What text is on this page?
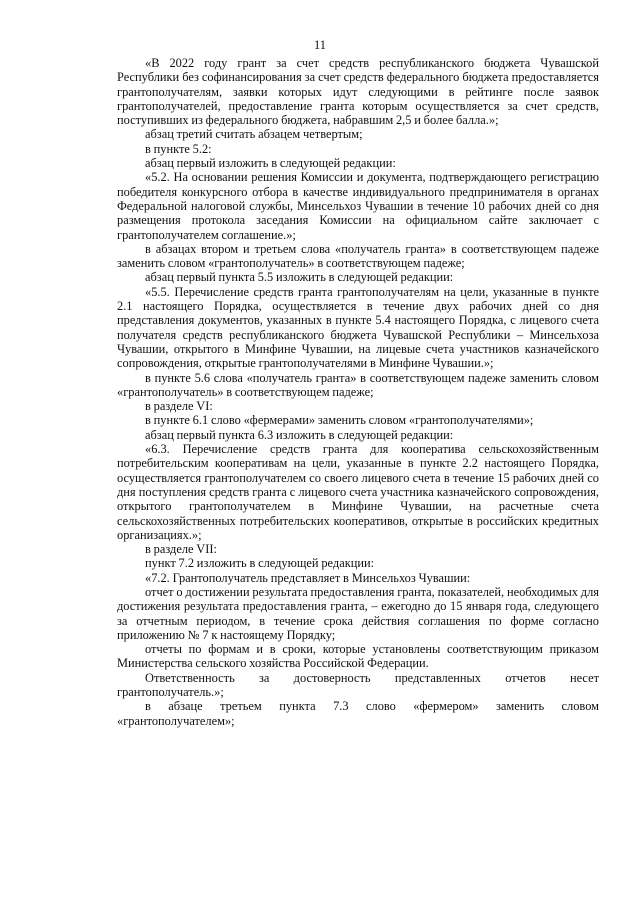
11

«В 2022 году грант за счет средств республиканского бюджета Чувашской Республики без софинансирования за счет средств федерального бюджета предоставляется грантополучателям, заявки которых идут следующими в рейтинге после заявок грантополучателей, предоставление гранта которым осуществляется за счет средств, поступивших из федерального бюджета, набравшим 2,5 и более балла.»;

абзац третий считать абзацем четвертым;

в пункте 5.2:

абзац первый изложить в следующей редакции:

«5.2. На основании решения Комиссии и документа, подтверждающего регистрацию победителя конкурсного отбора в качестве индивидуального предпринимателя в органах Федеральной налоговой службы, Минсельхоз Чувашии в течение 10 рабочих дней со дня размещения протокола заседания Комиссии на официальном сайте заключает с грантополучателем соглашение.»;

в абзацах втором и третьем слова «получатель гранта» в соответствующем падеже заменить словом «грантополучатель» в соответствующем падеже;

абзац первый пункта 5.5 изложить в следующей редакции:

«5.5. Перечисление средств гранта грантополучателям на цели, указанные в пункте 2.1 настоящего Порядка, осуществляется в течение двух рабочих дней со дня представления документов, указанных в пункте 5.4 настоящего Порядка, с лицевого счета получателя средств республиканского бюджета Чувашской Республики – Минсельхоза Чувашии, открытого в Минфине Чувашии, на лицевые счета участников казначейского сопровождения, открытые грантополучателями в Минфине Чувашии.»;

в пункте 5.6 слова «получатель гранта» в соответствующем падеже заменить словом «грантополучатель» в соответствующем падеже;

в разделе VI:

в пункте 6.1 слово «фермерами» заменить словом «грантополучателями»;

абзац первый пункта 6.3 изложить в следующей редакции:

«6.3. Перечисление средств гранта для кооператива сельскохозяйственным потребительским кооперативам на цели, указанные в пункте 2.2 настоящего Порядка, осуществляется грантополучателем со своего лицевого счета в течение 15 рабочих дней со дня поступления средств гранта с лицевого счета участника казначейского сопровождения, открытого грантополучателем в Минфине Чувашии, на расчетные счета сельскохозяйственных потребительских кооперативов, открытые в российских кредитных организациях.»;

в разделе VII:

пункт 7.2 изложить в следующей редакции:

«7.2. Грантополучатель представляет в Минсельхоз Чувашии:

отчет о достижении результата предоставления гранта, показателей, необходимых для достижения результата предоставления гранта, – ежегодно до 15 января года, следующего за отчетным периодом, в течение срока действия соглашения по форме согласно приложению № 7 к настоящему Порядку;

отчеты по формам и в сроки, которые установлены соответствующим приказом Министерства сельского хозяйства Российской Федерации.

Ответственность за достоверность представленных отчетов несет грантополучатель.»;

в абзаце третьем пункта 7.3 слово «фермером» заменить словом «грантополучателем»;
